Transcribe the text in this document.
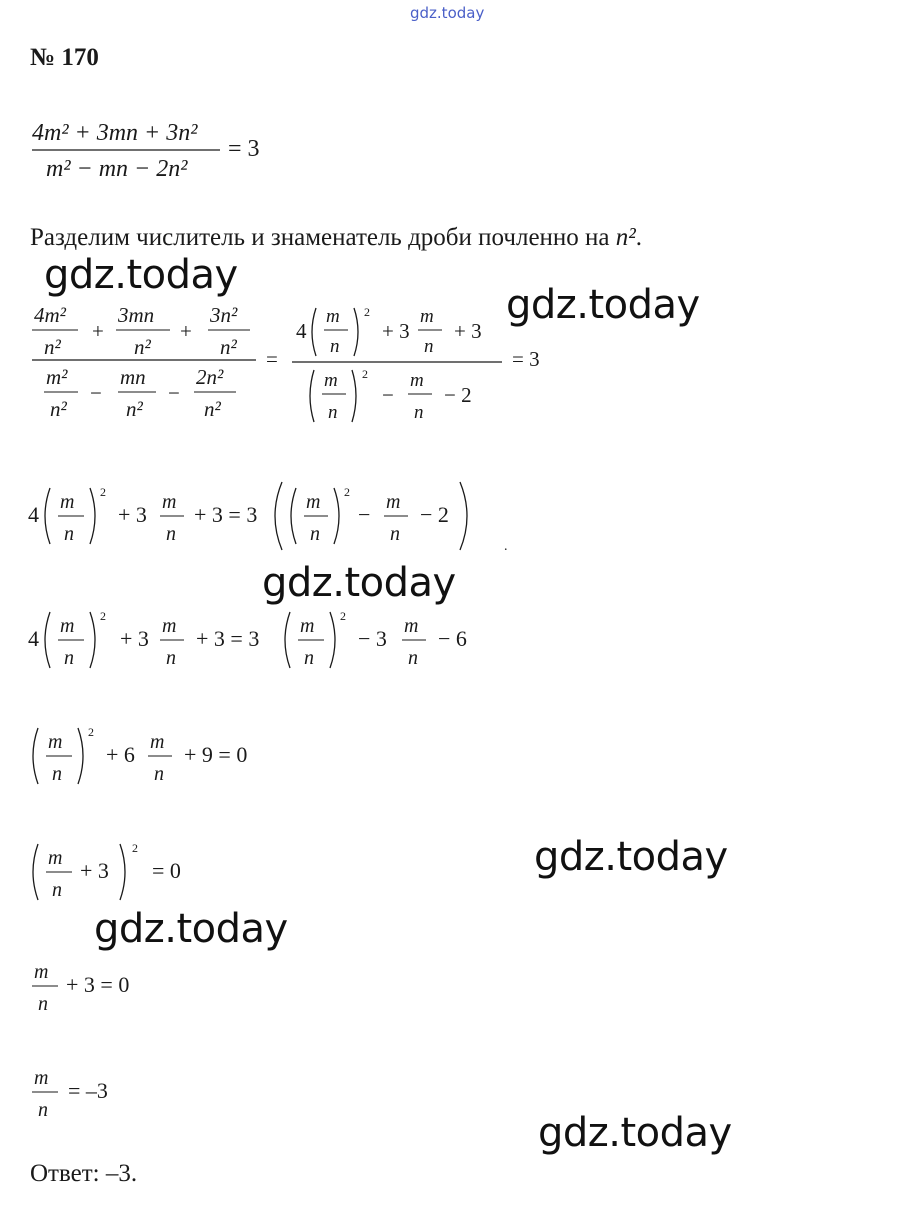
gdz.today
№ 170
4m² + 3mn + 3n²
m² − mn − 2n²
= 3
Разделим числитель и знаменатель дроби почленно на n².
gdz.today
4m²
n²
+
3mn
n²
+
3n²
n²
m²
n²
−
mn
n²
−
2n²
n²
=
4
m
n
2
+ 3
m
n
+ 3
m
n
2
−
m
n
− 2
= 3
gdz.today
4 m
n
2
+ 3 m
n
+ 3 = 3 m
n
2
− m
n
− 2
.
gdz.today
4 m
n
2
+ 3 m
n
+ 3 = 3 m
n
2
− 3 m
n
− 6
m
n
2
+ 6 m
n
+ 9 = 0
m
n
+ 3
2
= 0	gdz.today
gdz.today
m
n
+ 3 = 0
m
n
= –3
gdz.today
Ответ: –3.
